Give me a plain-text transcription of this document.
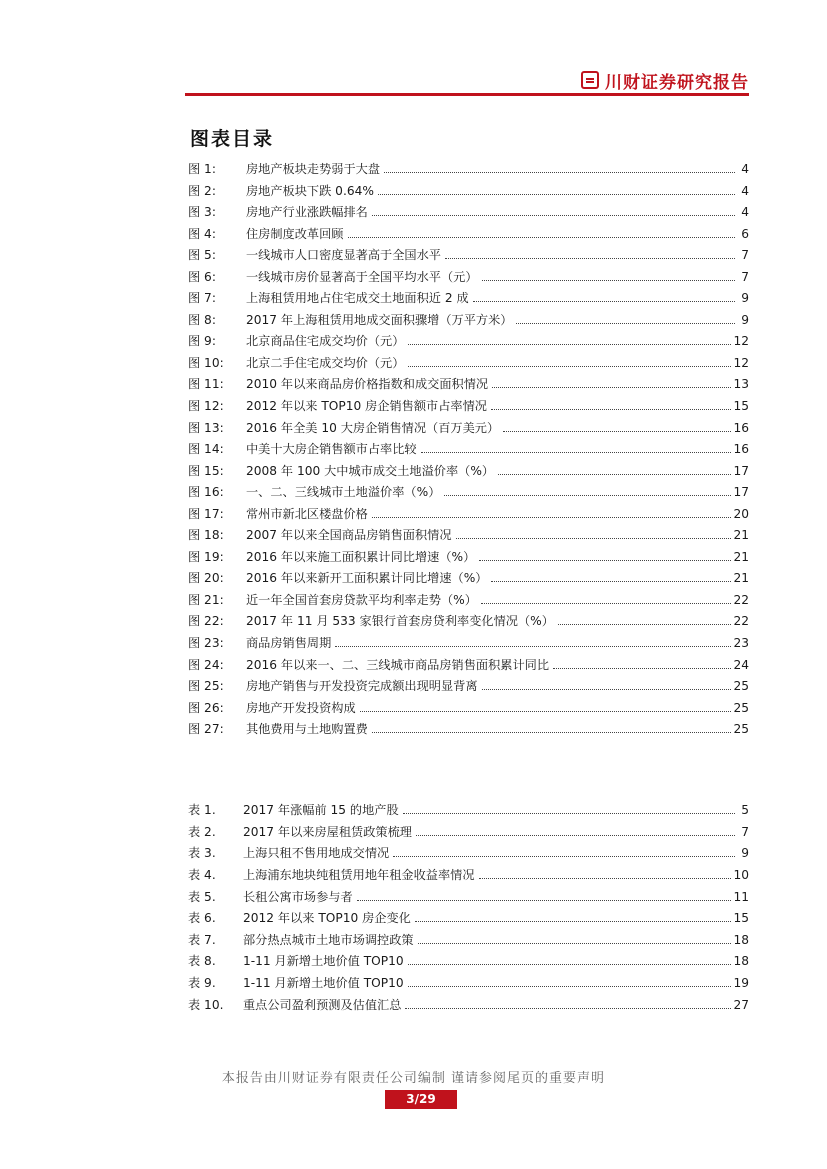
川财证券研究报告
图表目录
图 1:	房地产板块走势弱于大盘	4
图 2:	房地产板块下跌 0.64%	4
图 3:	房地产行业涨跌幅排名	4
图 4:	住房制度改革回顾	6
图 5:	一线城市人口密度显著高于全国水平	7
图 6:	一线城市房价显著高于全国平均水平（元）	7
图 7:	上海租赁用地占住宅成交土地面积近 2 成	9
图 8:	2017 年上海租赁用地成交面积骤增（万平方米）	9
图 9:	北京商品住宅成交均价（元）	12
图 10:	北京二手住宅成交均价（元）	12
图 11:	2010 年以来商品房价格指数和成交面积情况	13
图 12:	2012 年以来 TOP10 房企销售额市占率情况	15
图 13:	2016 年全美 10 大房企销售情况（百万美元）	16
图 14:	中美十大房企销售额市占率比较	16
图 15:	2008 年 100 大中城市成交土地溢价率（%）	17
图 16:	一、二、三线城市土地溢价率（%）	17
图 17:	常州市新北区楼盘价格	20
图 18:	2007 年以来全国商品房销售面积情况	21
图 19:	2016 年以来施工面积累计同比增速（%）	21
图 20:	2016 年以来新开工面积累计同比增速（%）	21
图 21:	近一年全国首套房贷款平均利率走势（%）	22
图 22:	2017 年 11 月 533 家银行首套房贷利率变化情况（%）	22
图 23:	商品房销售周期	23
图 24:	2016 年以来一、二、三线城市商品房销售面积累计同比	24
图 25:	房地产销售与开发投资完成额出现明显背离	25
图 26:	房地产开发投资构成	25
图 27:	其他费用与土地购置费	25
表 1.	2017 年涨幅前 15 的地产股	5
表 2.	2017 年以来房屋租赁政策梳理	7
表 3.	上海只租不售用地成交情况	9
表 4.	上海浦东地块纯租赁用地年租金收益率情况	10
表 5.	长租公寓市场参与者	11
表 6.	2012 年以来 TOP10 房企变化	15
表 7.	部分热点城市土地市场调控政策	18
表 8.	1-11 月新增土地价值 TOP10	18
表 9.	1-11 月新增土地价值 TOP10	19
表 10.	重点公司盈利预测及估值汇总	27
本报告由川财证券有限责任公司编制 谨请参阅尾页的重要声明
3/29
